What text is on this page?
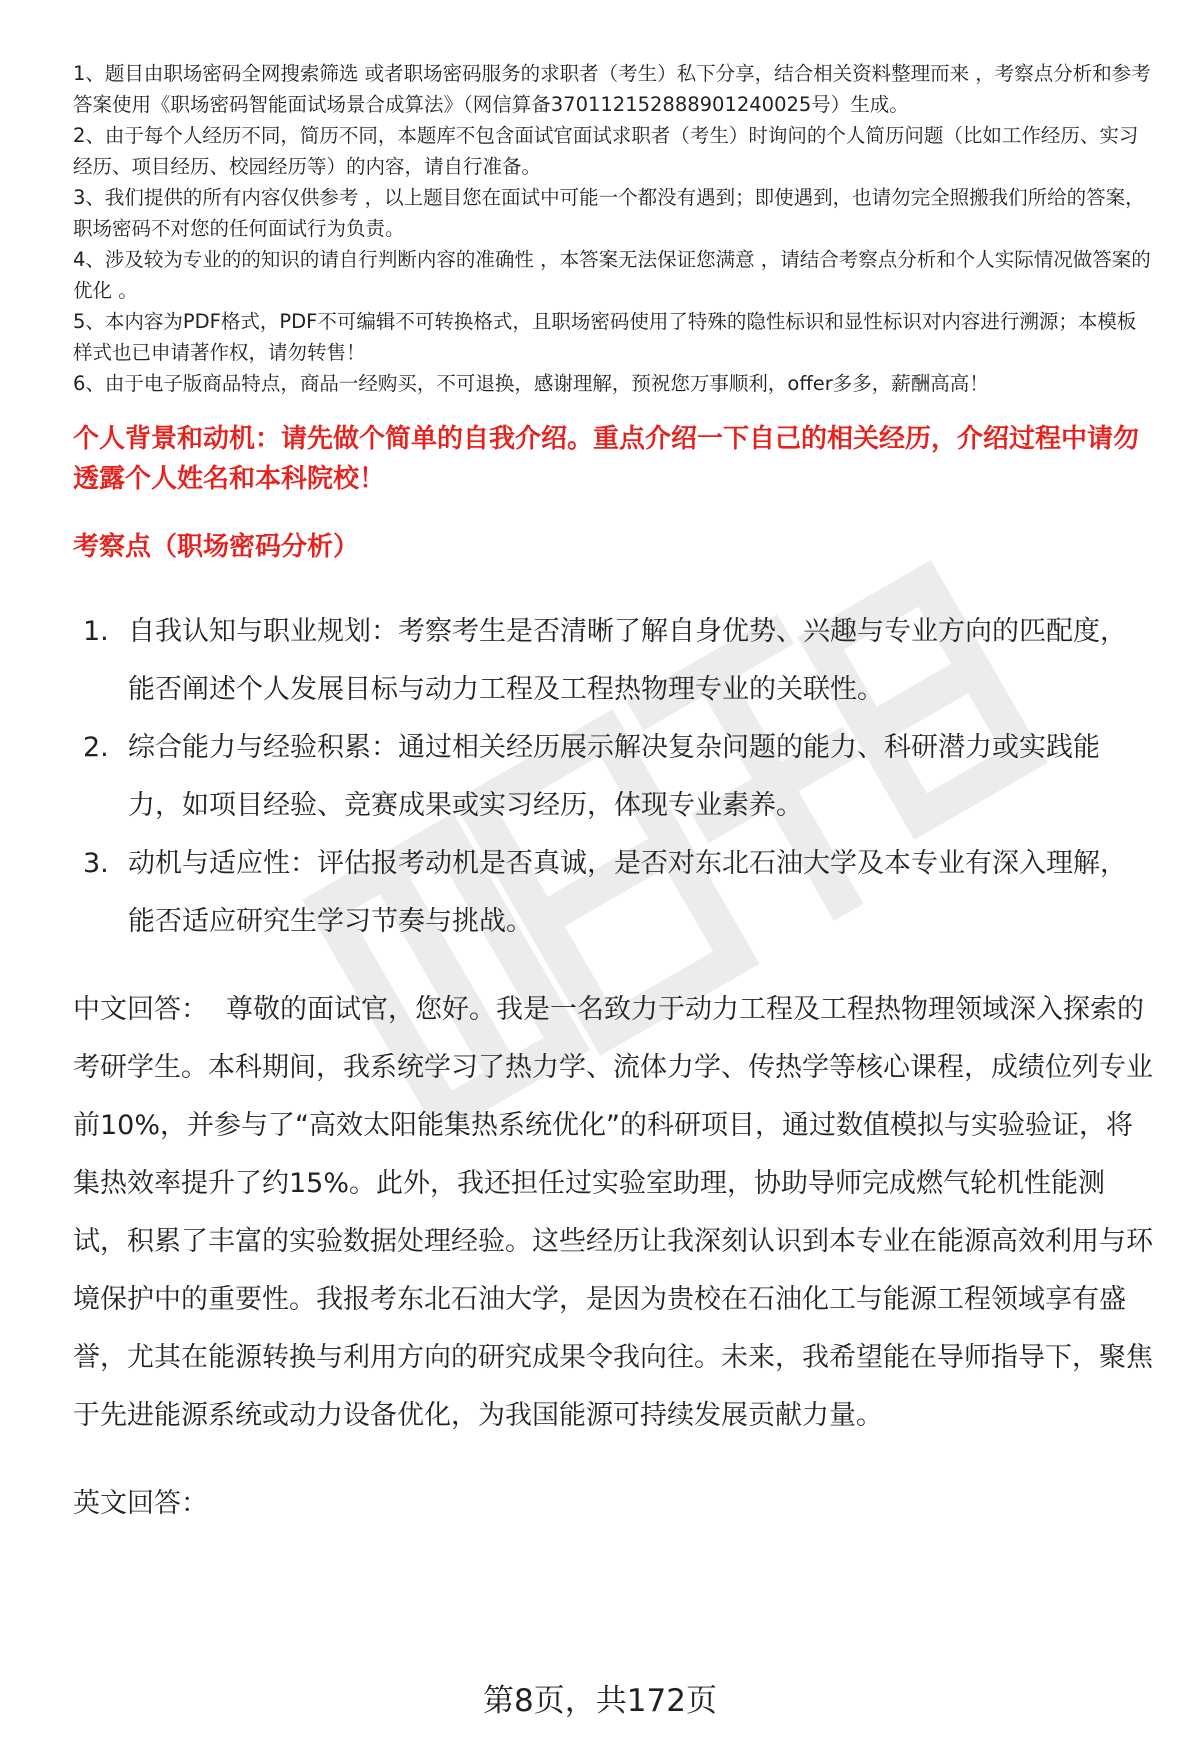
1、题目由职场密码全网搜索筛选 或者职场密码服务的求职者（考生）私下分享，结合相关资料整理而来 ，考察点分析和参考答案使用《职场密码智能面试场景合成算法》（网信算备370112152888901240025号）生成。
2、由于每个人经历不同，简历不同，本题库不包含面试官面试求职者（考生）时询问的个人简历问题（比如工作经历、实习经历、项目经历、校园经历等）的内容，请自行准备。
3、我们提供的所有内容仅供参考 ，以上题目您在面试中可能一个都没有遇到；即使遇到，也请勿完全照搬我们所给的答案，职场密码不对您的任何面试行为负责。
4、涉及较为专业的的知识的请自行判断内容的准确性 ，本答案无法保证您满意 ，请结合考察点分析和个人实际情况做答案的优化 。
5、本内容为PDF格式，PDF不可编辑不可转换格式，且职场密码使用了特殊的隐性标识和显性标识对内容进行溯源；本模板样式也已申请著作权，请勿转售！
6、由于电子版商品特点，商品一经购买，不可退换，感谢理解，预祝您万事顺利，offer多多，薪酬高高！

个人背景和动机：请先做个简单的自我介绍。重点介绍一下自己的相关经历，介绍过程中请勿透露个人姓名和本科院校！

考察点（职场密码分析）

1. 自我认知与职业规划：考察考生是否清晰了解自身优势、兴趣与专业方向的匹配度，能否阐述个人发展目标与动力工程及工程热物理专业的关联性。
2. 综合能力与经验积累：通过相关经历展示解决复杂问题的能力、科研潜力或实践能力，如项目经验、竞赛成果或实习经历，体现专业素养。
3. 动机与适应性：评估报考动机是否真诚，是否对东北石油大学及本专业有深入理解，能否适应研究生学习节奏与挑战。
中文回答： 尊敬的面试官，您好。我是一名致力于动力工程及工程热物理领域深入探索的考研学生。本科期间，我系统学习了热力学、流体力学、传热学等核心课程，成绩位列专业前10%，并参与了“高效太阳能集热系统优化”的科研项目，通过数值模拟与实验验证，将集热效率提升了约15%。此外，我还担任过实验室助理，协助导师完成燃气轮机性能测试，积累了丰富的实验数据处理经验。这些经历让我深刻认识到本专业在能源高效利用与环境保护中的重要性。我报考东北石油大学，是因为贵校在石油化工与能源工程领域享有盛誉，尤其在能源转换与利用方向的研究成果令我向往。未来，我希望能在导师指导下，聚焦于先进能源系统或动力设备优化，为我国能源可持续发展贡献力量。
英文回答：
第8页，共172页
